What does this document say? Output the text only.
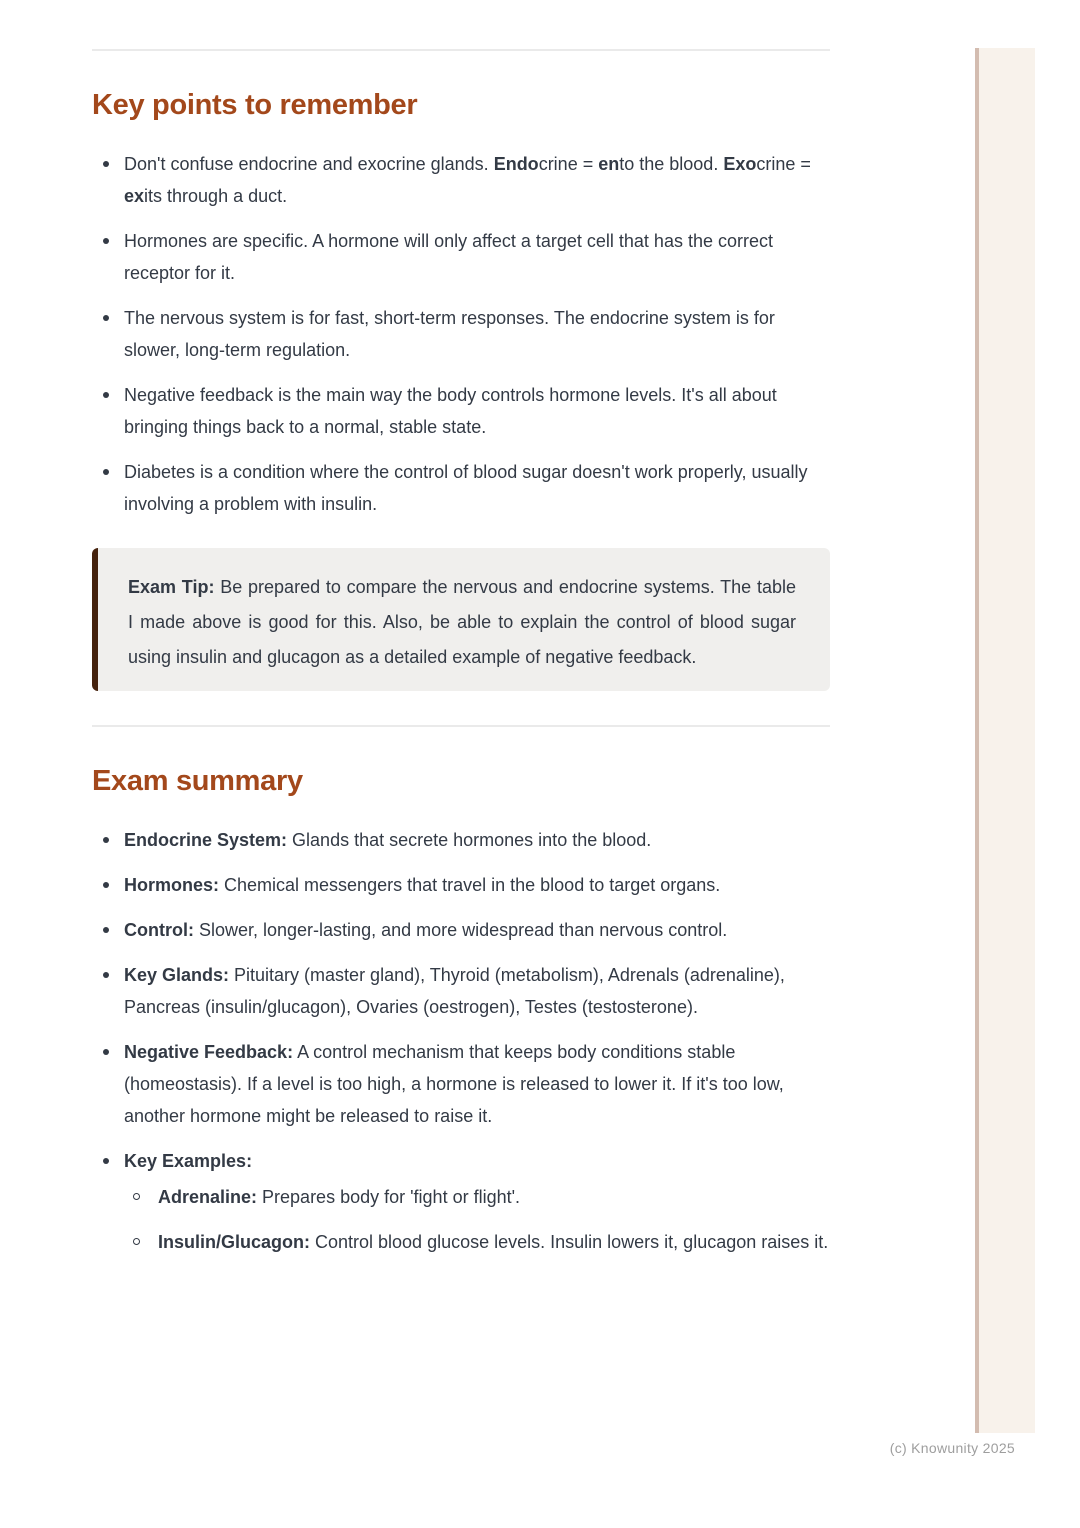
Key points to remember
Don't confuse endocrine and exocrine glands. Endocrine = ento the blood. Exocrine = exits through a duct.
Hormones are specific. A hormone will only affect a target cell that has the correct receptor for it.
The nervous system is for fast, short-term responses. The endocrine system is for slower, long-term regulation.
Negative feedback is the main way the body controls hormone levels. It's all about bringing things back to a normal, stable state.
Diabetes is a condition where the control of blood sugar doesn't work properly, usually involving a problem with insulin.

Exam Tip: Be prepared to compare the nervous and endocrine systems. The table I made above is good for this. Also, be able to explain the control of blood sugar using insulin and glucagon as a detailed example of negative feedback.

Exam summary
Endocrine System: Glands that secrete hormones into the blood.
Hormones: Chemical messengers that travel in the blood to target organs.
Control: Slower, longer-lasting, and more widespread than nervous control.
Key Glands: Pituitary (master gland), Thyroid (metabolism), Adrenals (adrenaline), Pancreas (insulin/glucagon), Ovaries (oestrogen), Testes (testosterone).
Negative Feedback: A control mechanism that keeps body conditions stable (homeostasis). If a level is too high, a hormone is released to lower it. If it's too low, another hormone might be released to raise it.
Key Examples:
Adrenaline: Prepares body for 'fight or flight'.
Insulin/Glucagon: Control blood glucose levels. Insulin lowers it, glucagon raises it.
(c) Knowunity 2025
